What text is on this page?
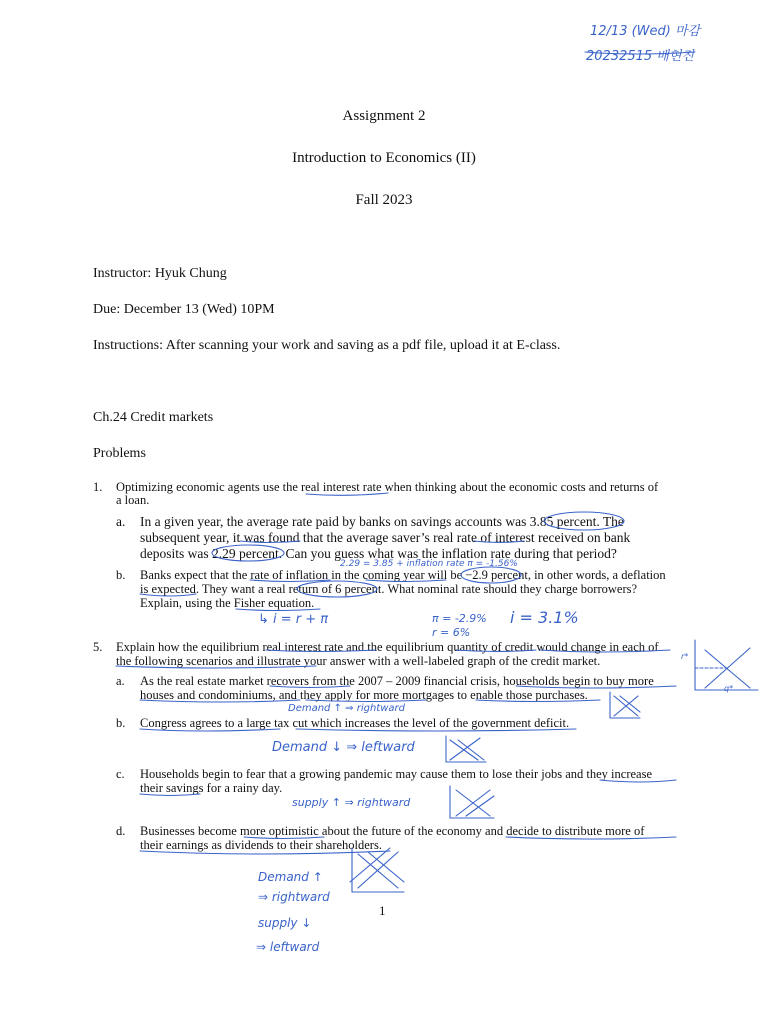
12/13 (Wed) 마감
20232515 배현진
Assignment 2
Introduction to Economics (II)
Fall 2023
Instructor: Hyuk Chung
Due: December 13 (Wed) 10PM
Instructions: After scanning your work and saving as a pdf file, upload it at E-class.
Ch.24 Credit markets
Problems
1.	Optimizing economic agents use the real interest rate when thinking about the economic costs and returns of
a loan.
a. In a given year, the average rate paid by banks on savings accounts was 3.85 percent. The
subsequent year, it was found that the average saver’s real rate of interest received on bank
deposits was 2.29 percent. Can you guess what was the inflation rate during that period?
2.29 = 3.85 + inflation rate π = -1.56%
b. Banks expect that the rate of inflation in the coming year will be −2.9 percent, in other words, a deflation
is expected. They want a real return of 6 percent. What nominal rate should they charge borrowers?
Explain, using the Fisher equation.
↳ i = r + π	π = -2.9%
r = 6%
i = 3.1%
5.	Explain how the equilibrium real interest rate and the equilibrium quantity of credit would change in each of
the following scenarios and illustrate your answer with a well-labeled graph of the credit market.	r*
q*
a. As the real estate market recovers from the 2007 – 2009 financial crisis, households begin to buy more
houses and condominiums, and they apply for more mortgages to enable those purchases.
Demand ↑ ⇒ rightward
b. Congress agrees to a large tax cut which increases the level of the government deficit.
Demand ↓ ⇒ leftward
c. Households begin to fear that a growing pandemic may cause them to lose their jobs and they increase
their savings for a rainy day.
supply ↑ ⇒ rightward
d. Businesses become more optimistic about the future of the economy and decide to distribute more of
their earnings as dividends to their shareholders.
Demand ↑
⇒ rightward
supply ↓
⇒ leftward
1
